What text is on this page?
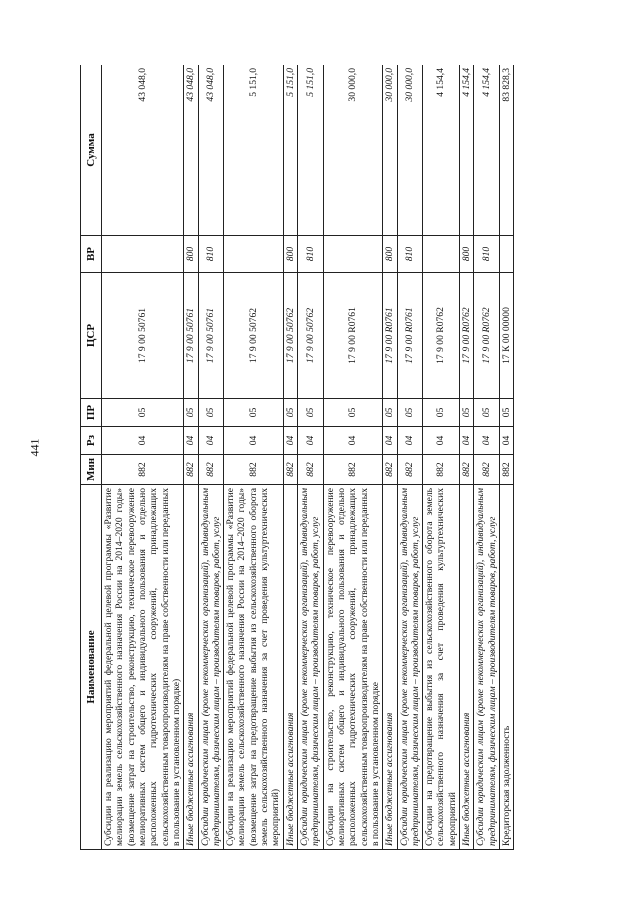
441
Наименование	Мин	Рз	ПР	ЦСР	ВР	Сумма
Субсидии на реализацию мероприятий федеральной целевой программы «Развитие мелиорации земель сельскохозяйственного назначения России на 2014–2020 годы» (возмещение затрат на строительство, реконструкцию, техническое перевооружение мелиоративных систем общего и индивидуального пользования и отдельно расположенных гидротехнических сооружений, принадлежащих сельскохозяйственным товаропроизводителям на праве собственности или переданных в пользование в установленном порядке)	882	04	05	17 9 00 50761		43 048,0
Иные бюджетные ассигнования	882	04	05	17 9 00 50761	800	43 048,0
Субсидии юридическим лицам (кроме некоммерческих организаций), индивидуальным предпринимателям, физическим лицам – производителям товаров, работ, услуг	882	04	05	17 9 00 50761	810	43 048,0
Субсидии на реализацию мероприятий федеральной целевой программы «Развитие мелиорации земель сельскохозяйственного назначения России на 2014–2020 годы» (возмещение затрат на предотвращение выбытия из сельскохозяйственного оборота земель сельскохозяйственного назначения за счет проведения культуртехнических мероприятий)	882	04	05	17 9 00 50762		5 151,0
Иные бюджетные ассигнования	882	04	05	17 9 00 50762	800	5 151,0
Субсидии юридическим лицам (кроме некоммерческих организаций), индивидуальным предпринимателям, физическим лицам – производителям товаров, работ, услуг	882	04	05	17 9 00 50762	810	5 151,0
Субсидии на строительство, реконструкцию, техническое перевооружение мелиоративных систем общего и индивидуального пользования и отдельно расположенных гидротехнических сооружений, принадлежащих сельскохозяйственным товаропроизводителям на праве собственности или переданных в пользование в установленном порядке	882	04	05	17 9 00 R0761		30 000,0
Иные бюджетные ассигнования	882	04	05	17 9 00 R0761	800	30 000,0
Субсидии юридическим лицам (кроме некоммерческих организаций), индивидуальным предпринимателям, физическим лицам – производителям товаров, работ, услуг	882	04	05	17 9 00 R0761	810	30 000,0
Субсидии на предотвращение выбытия из сельскохозяйственного оборота земель сельскохозяйственного назначения за счет проведения культуртехнических мероприятий	882	04	05	17 9 00 R0762		4 154,4
Иные бюджетные ассигнования	882	04	05	17 9 00 R0762	800	4 154,4
Субсидии юридическим лицам (кроме некоммерческих организаций), индивидуальным предпринимателям, физическим лицам – производителям товаров, работ, услуг	882	04	05	17 9 00 R0762	810	4 154,4
Кредиторская задолженность	882	04	05	17 К 00 00000		83 828,3
